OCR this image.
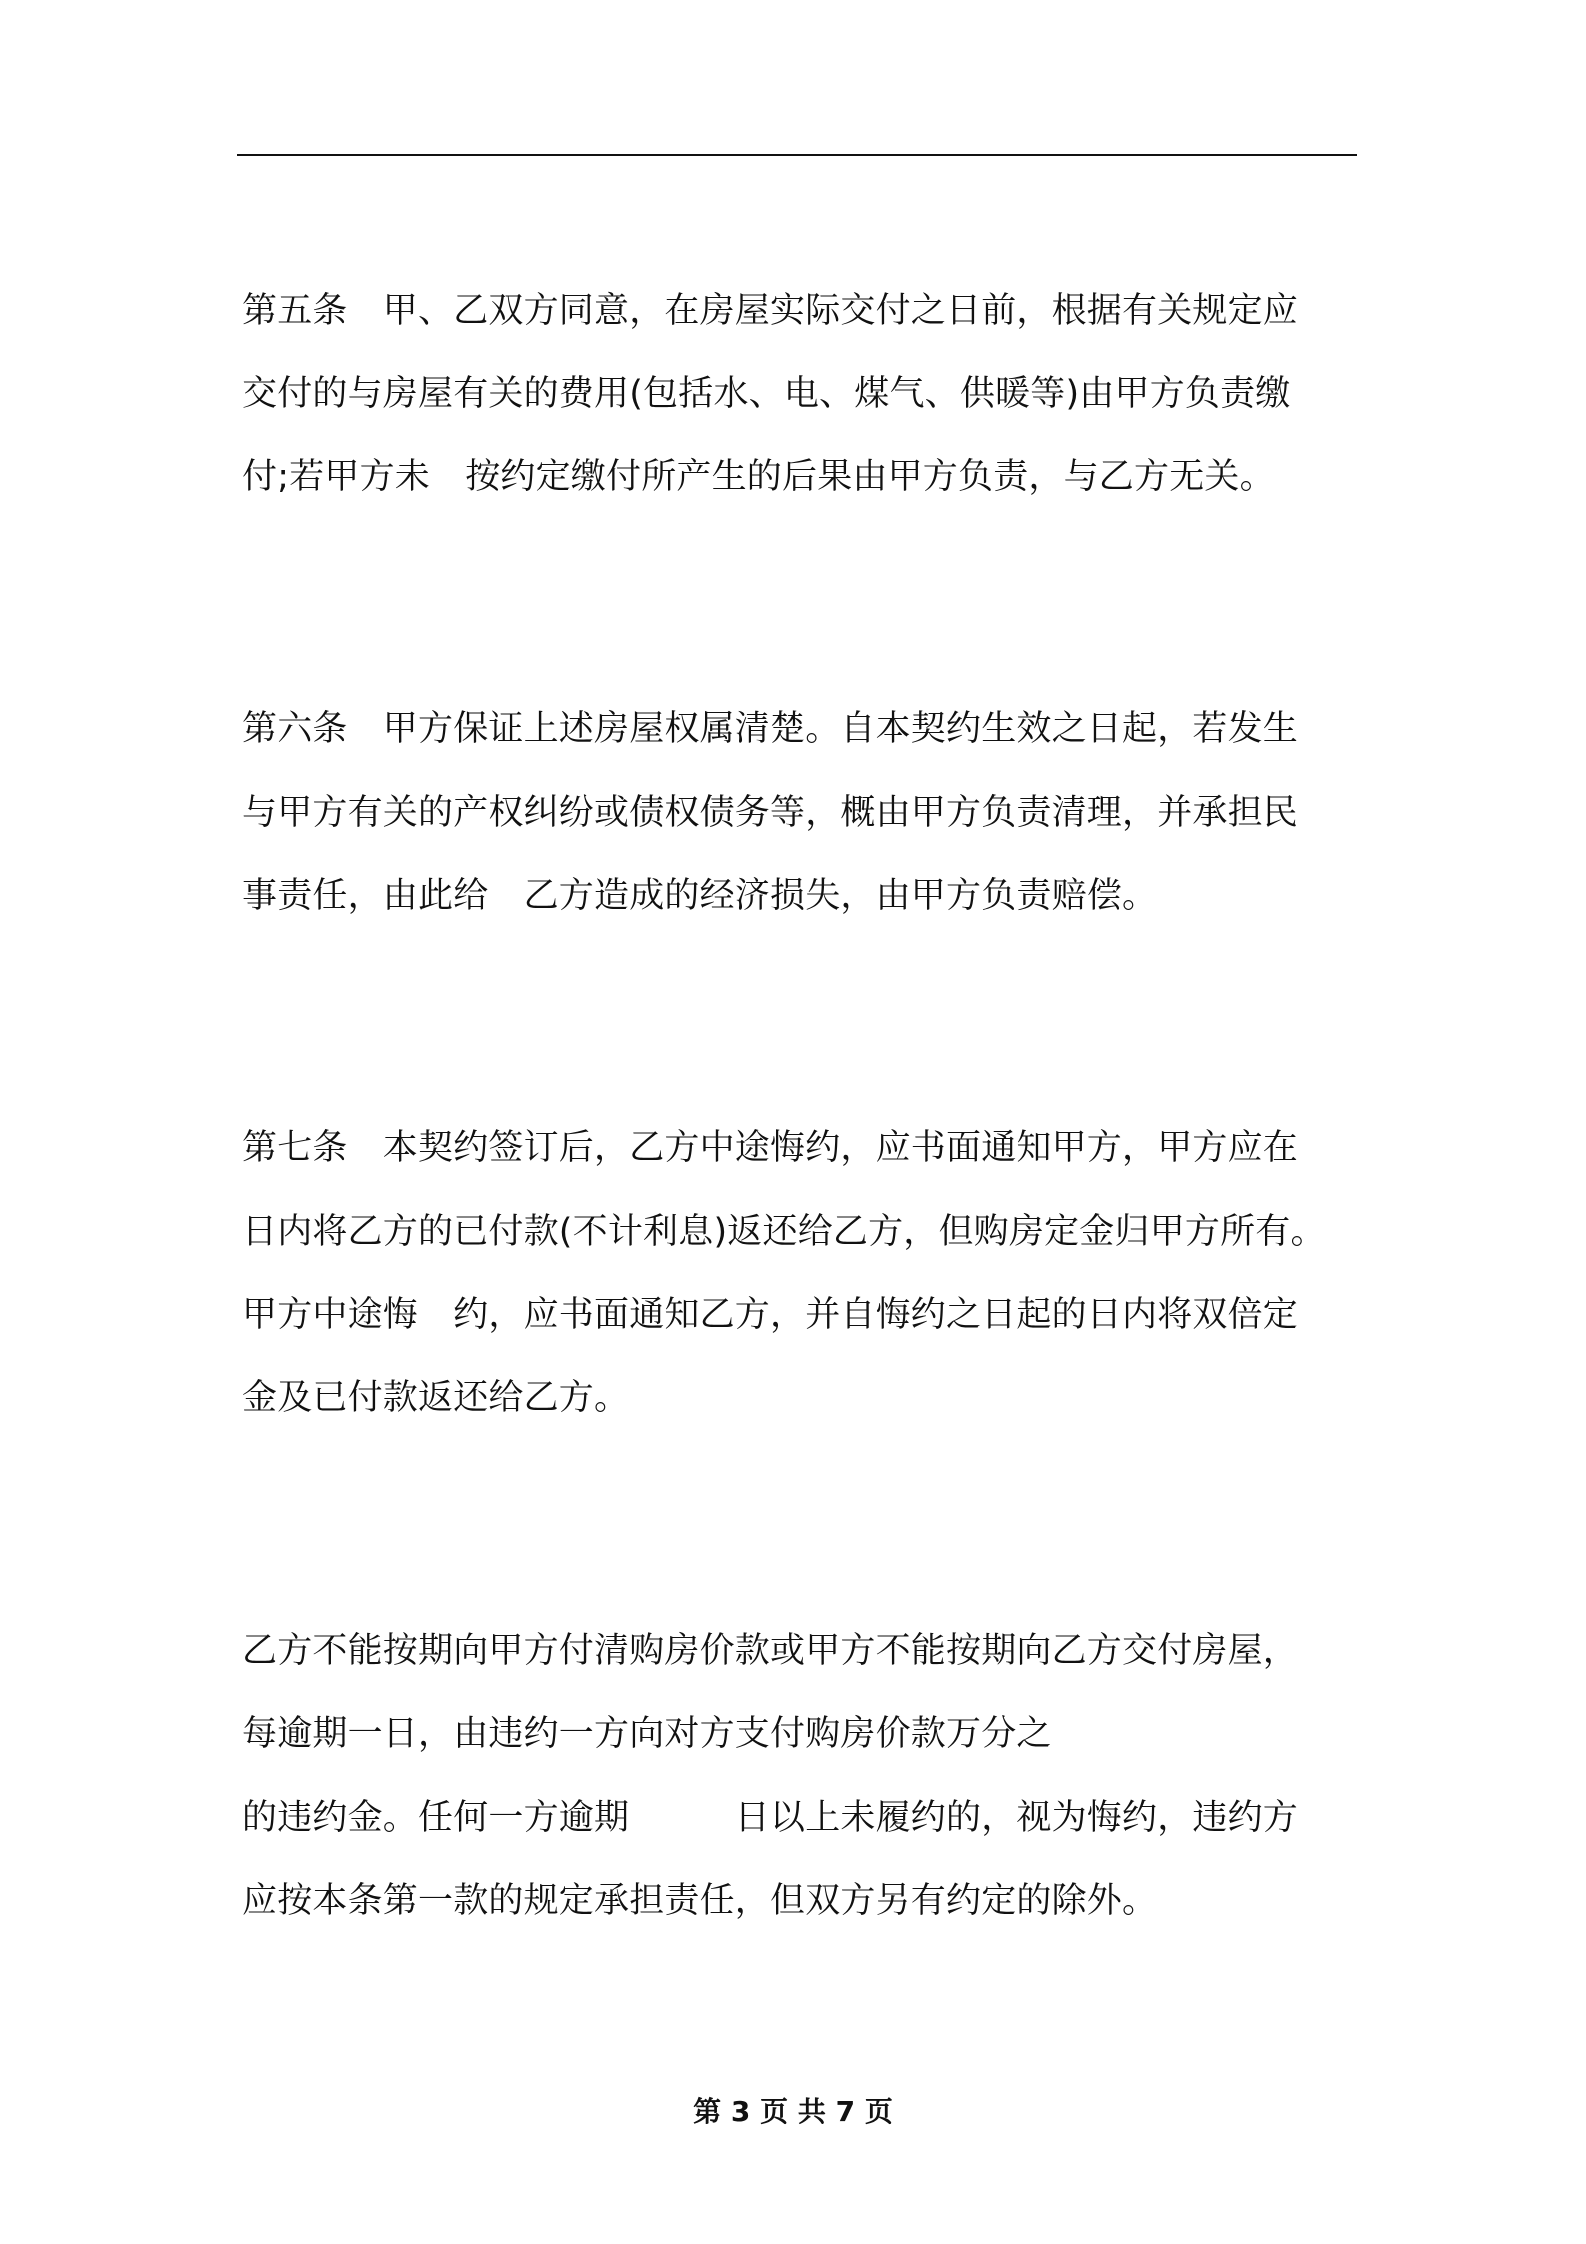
第五条　甲、乙双方同意，在房屋实际交付之日前，根据有关规定应
交付的与房屋有关的费用(包括水、电、煤气、供暖等)由甲方负责缴
付;若甲方未　按约定缴付所产生的后果由甲方负责，与乙方无关。
第六条　甲方保证上述房屋权属清楚。自本契约生效之日起，若发生
与甲方有关的产权纠纷或债权债务等，概由甲方负责清理，并承担民
事责任，由此给　乙方造成的经济损失，由甲方负责赔偿。
第七条　本契约签订后，乙方中途悔约，应书面通知甲方，甲方应在
日内将乙方的已付款(不计利息)返还给乙方，但购房定金归甲方所有。
甲方中途悔　约，应书面通知乙方，并自悔约之日起的日内将双倍定
金及已付款返还给乙方。
乙方不能按期向甲方付清购房价款或甲方不能按期向乙方交付房屋，
每逾期一日，由违约一方向对方支付购房价款万分之
的违约金。任何一方逾期　　　日以上未履约的，视为悔约，违约方
应按本条第一款的规定承担责任，但双方另有约定的除外。
第 3 页 共 7 页
